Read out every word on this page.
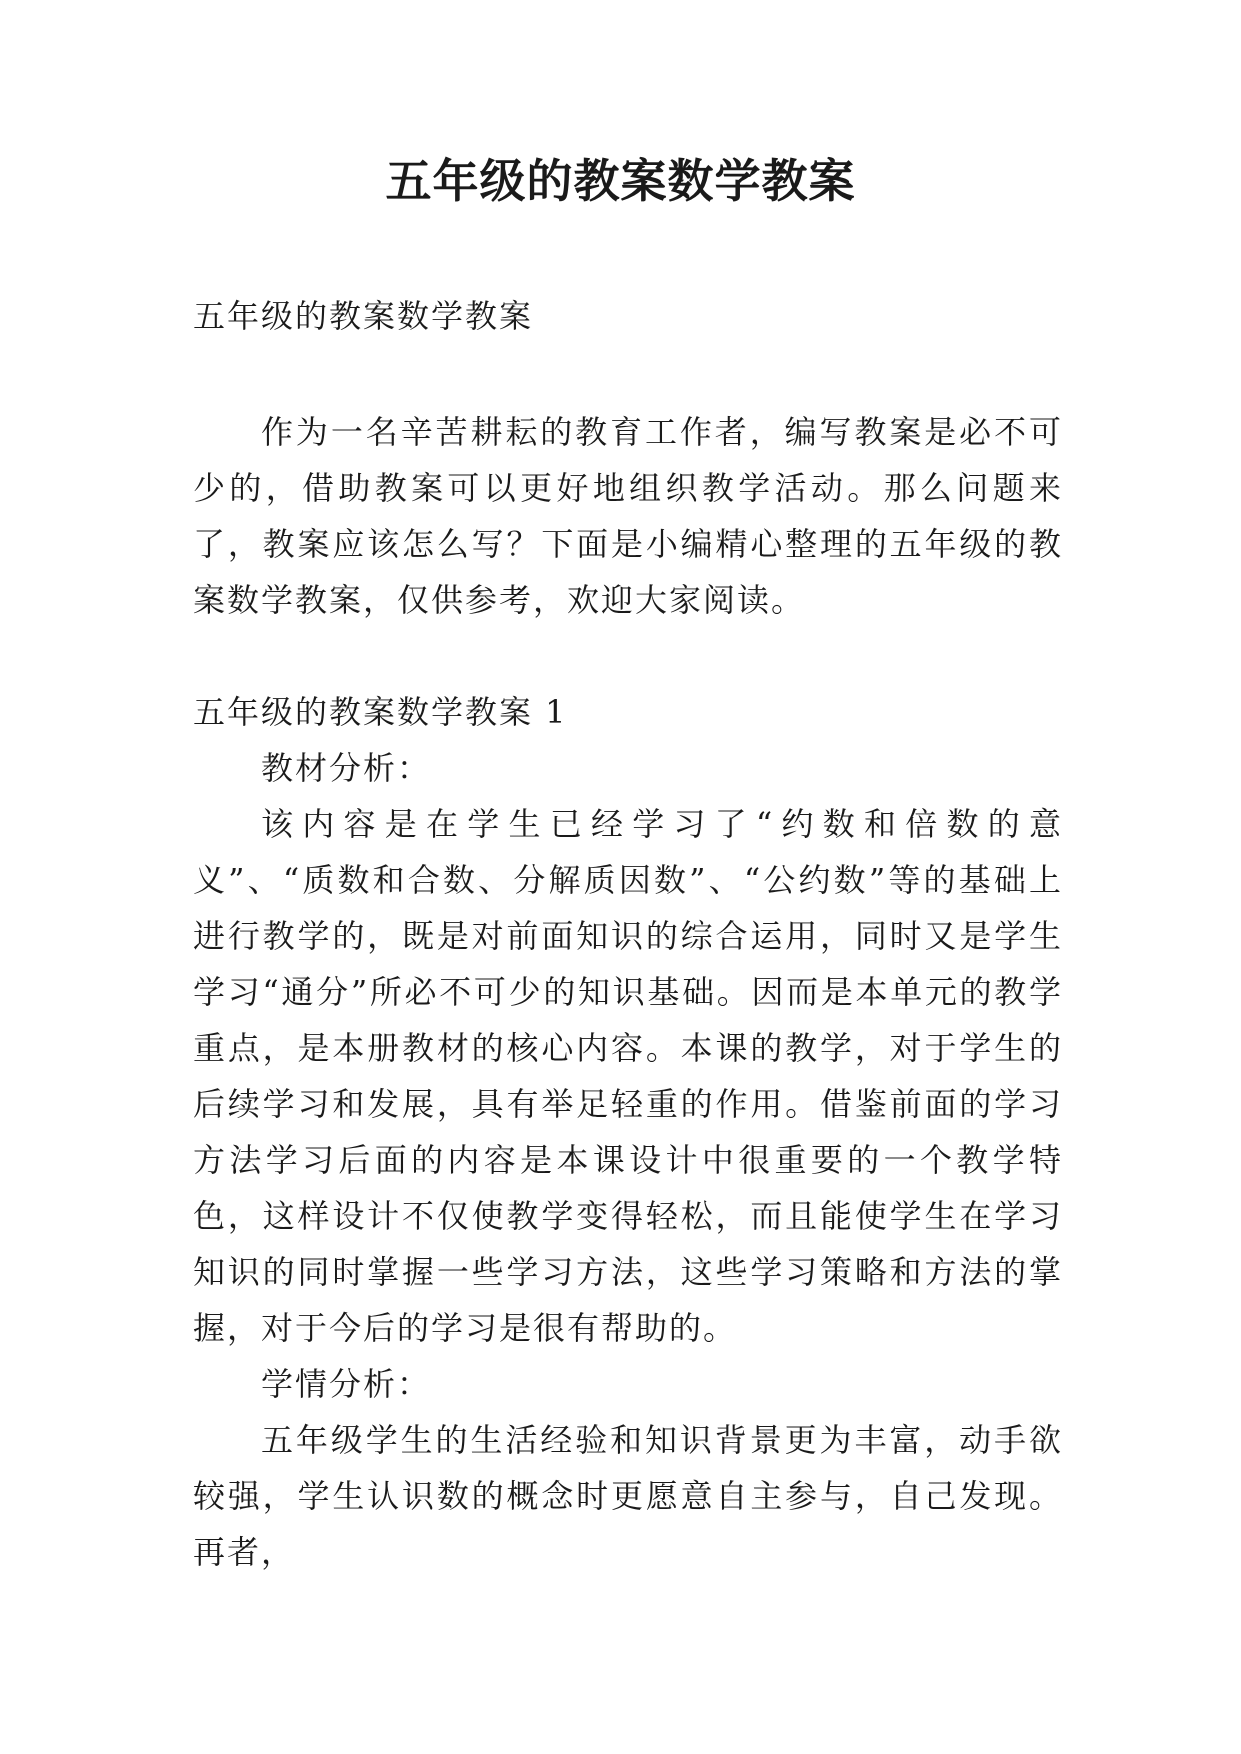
五年级的教案数学教案

五年级的教案数学教案

作为一名辛苦耕耘的教育工作者，编写教案是必不可少的，借助教案可以更好地组织教学活动。那么问题来了，教案应该怎么写？下面是小编精心整理的五年级的教案数学教案，仅供参考，欢迎大家阅读。

五年级的教案数学教案 1

教材分析：

该内容是在学生已经学习了“约数和倍数的意义”、“质数和合数、分解质因数”、“公约数”等的基础上进行教学的，既是对前面知识的综合运用，同时又是学生学习“通分”所必不可少的知识基础。因而是本单元的教学重点，是本册教材的核心内容。本课的教学，对于学生的后续学习和发展，具有举足轻重的作用。借鉴前面的学习方法学习后面的内容是本课设计中很重要的一个教学特色，这样设计不仅使教学变得轻松，而且能使学生在学习知识的同时掌握一些学习方法，这些学习策略和方法的掌握，对于今后的学习是很有帮助的。

学情分析：

五年级学生的生活经验和知识背景更为丰富，动手欲较强，学生认识数的概念时更愿意自主参与，自己发现。再者，
